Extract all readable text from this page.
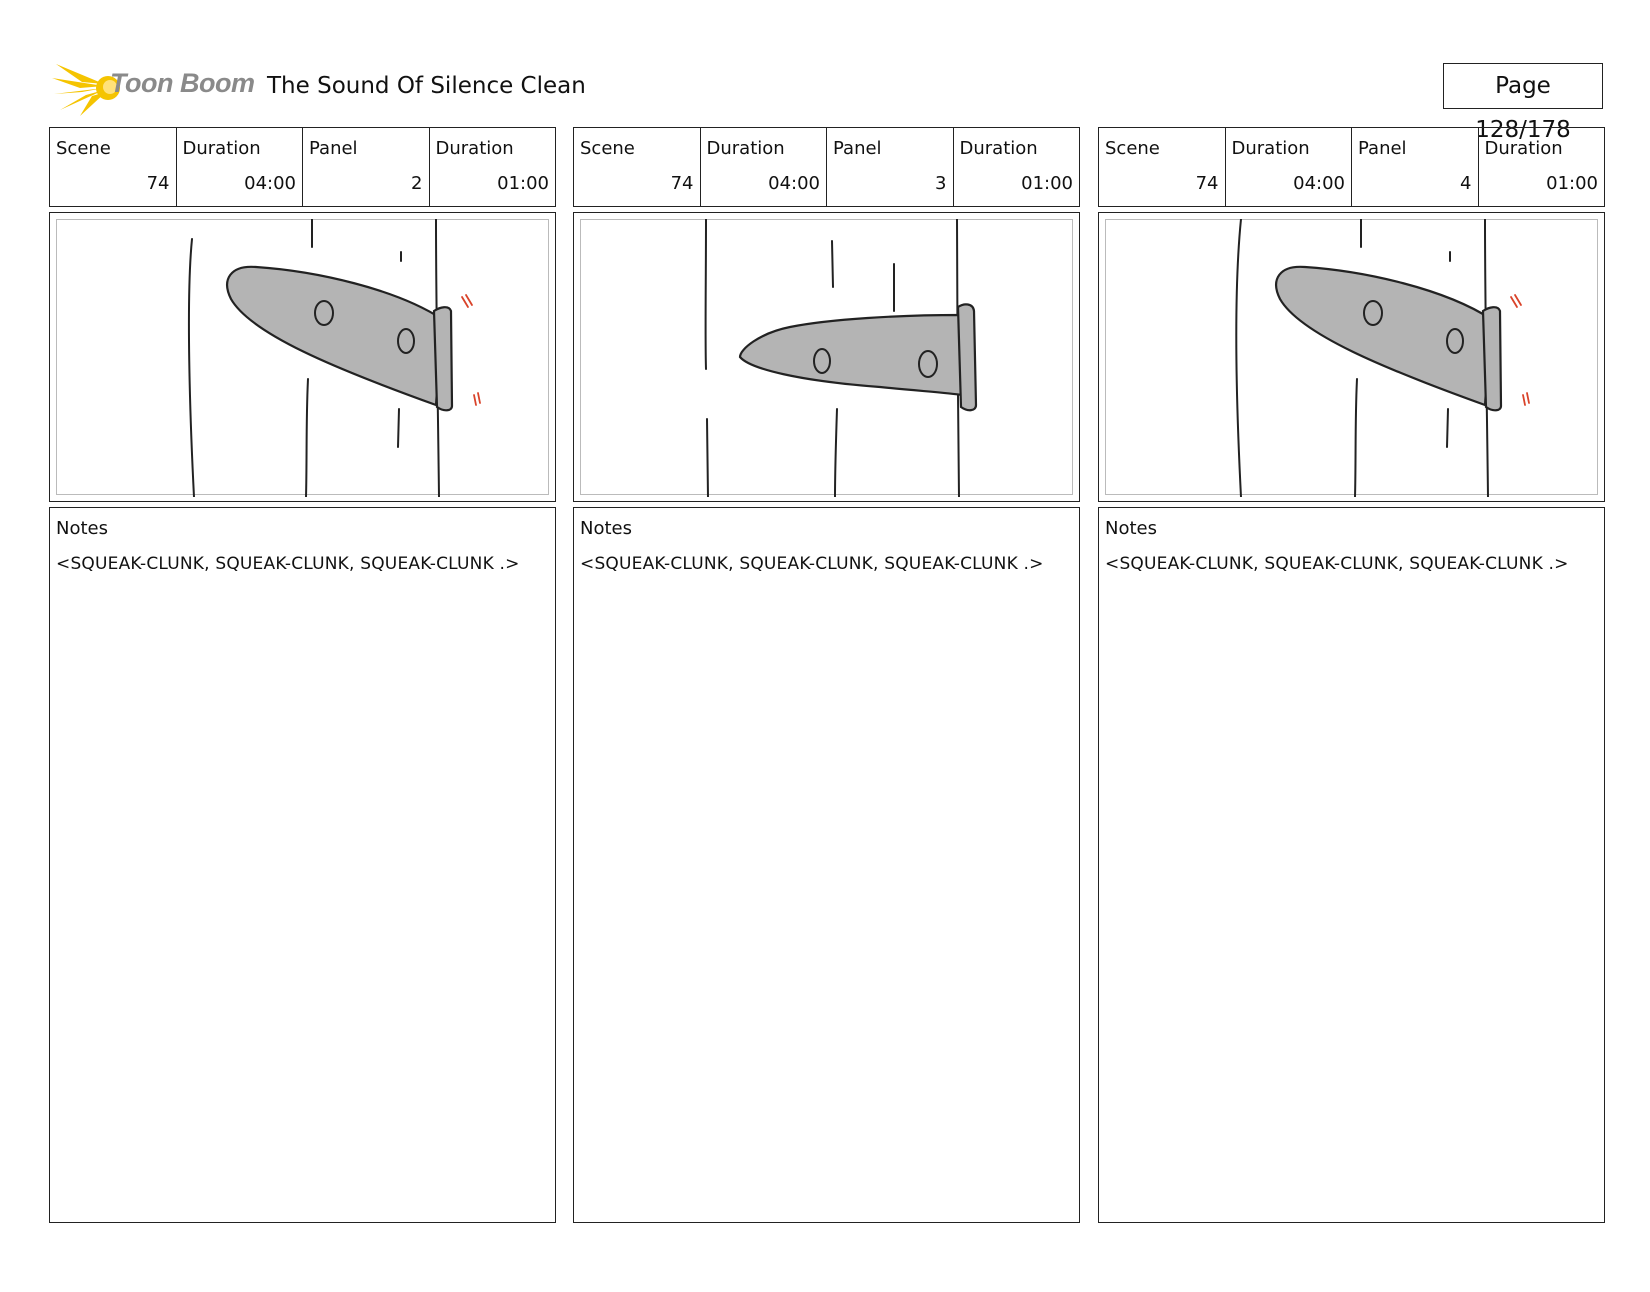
Toon Boom The Sound Of Silence Clean	Page 128/178
Scene
74
Duration
04:00
Panel
2
Duration
01:00
Notes
<SQUEAK-CLUNK, SQUEAK-CLUNK, SQUEAK-CLUNK .>
Scene
74
Duration
04:00
Panel
3
Duration
01:00
Notes
<SQUEAK-CLUNK, SQUEAK-CLUNK, SQUEAK-CLUNK .>
Scene
74
Duration
04:00
Panel
4
Duration
01:00
Notes
<SQUEAK-CLUNK, SQUEAK-CLUNK, SQUEAK-CLUNK .>
